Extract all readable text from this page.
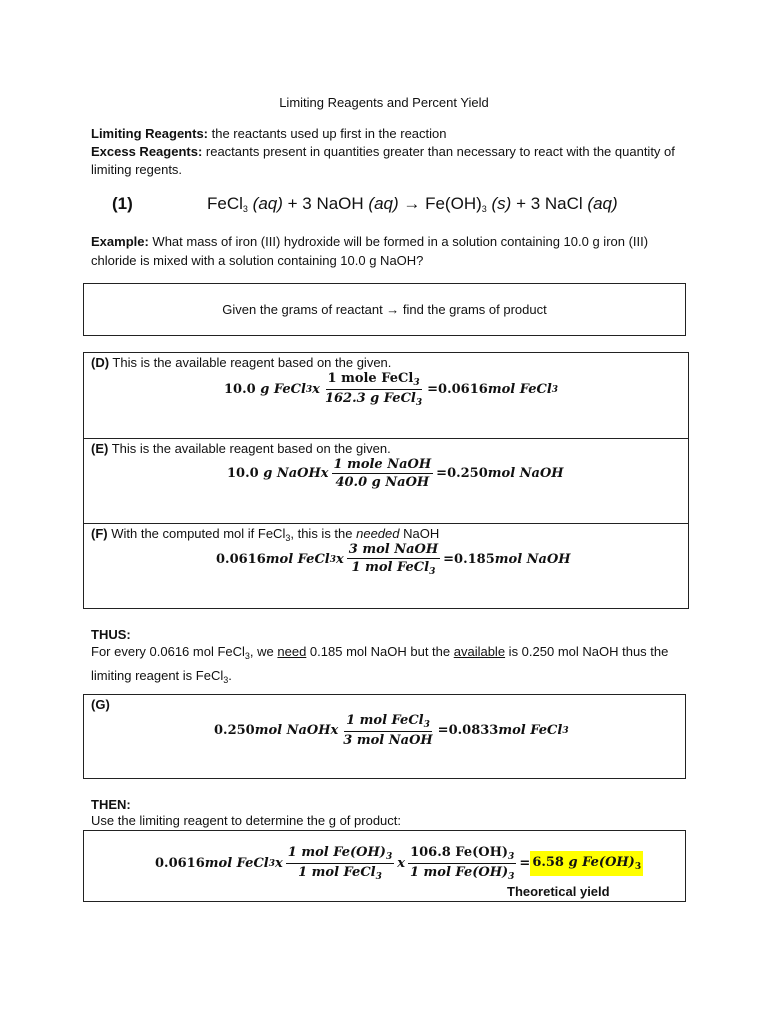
Limiting Reagents and Percent Yield
Limiting Reagents: the reactants used up first in the reaction
Excess Reagents: reactants present in quantities greater than necessary to react with the quantity of limiting regents.
(1)	FeCl$_3$ (aq) + 3 NaOH $(aq) \to Fe(OH)_3$ (s) + 3 NaCl (aq)
Example: What mass of iron (III) hydroxide will be formed in a solution containing 10.0 g iron (III) chloride is mixed with a solution containing 10.0 g NaOH?
Given the grams of reactant → find the grams of product
(D) This is the available reagent based on the given.
10.0
g FeCl 3 x $\frac{1 mole FeCl_3}{162.3 g FeCl_3} = 0.0616$ mol FeCl 3
(E) This is the available reagent based on the given.
10.0
g NaOH x $\frac{\text{1 mole NaOH}}{\text{40.0 g NaOH}} = 0.250$ mol NaOH
(F) With the computed mol if FeCl$_3$, this is the needed NaOH
0.0616 mol FeCl 3 x $\frac{\text{3 mol NaOH}}{1 mol FeCl_3} = 0.185$ mol NaOH
THUS:
For every 0.0616 mol FeCl$_3$, we need 0.185 mol NaOH but the available is 0.250 mol NaOH thus the limiting reagent is FeCl$_3$.
(G)
0.250 mol NaOH x $\frac{1 mol FeCl_3}{\text{3 mol NaOH}} = 0.0833$ mol FeCl 3
THEN:
Use the limiting reagent to determine the g of product:
0.0616 mol FeCl 3 x $\frac{1 mol Fe(OH)_3}{1 mol FeCl_3}$ x $\frac{106.8 Fe(OH)_3}{1 mol Fe(OH)_3} = 6.58$ g $Fe(OH)_3$
Theoretical yield
